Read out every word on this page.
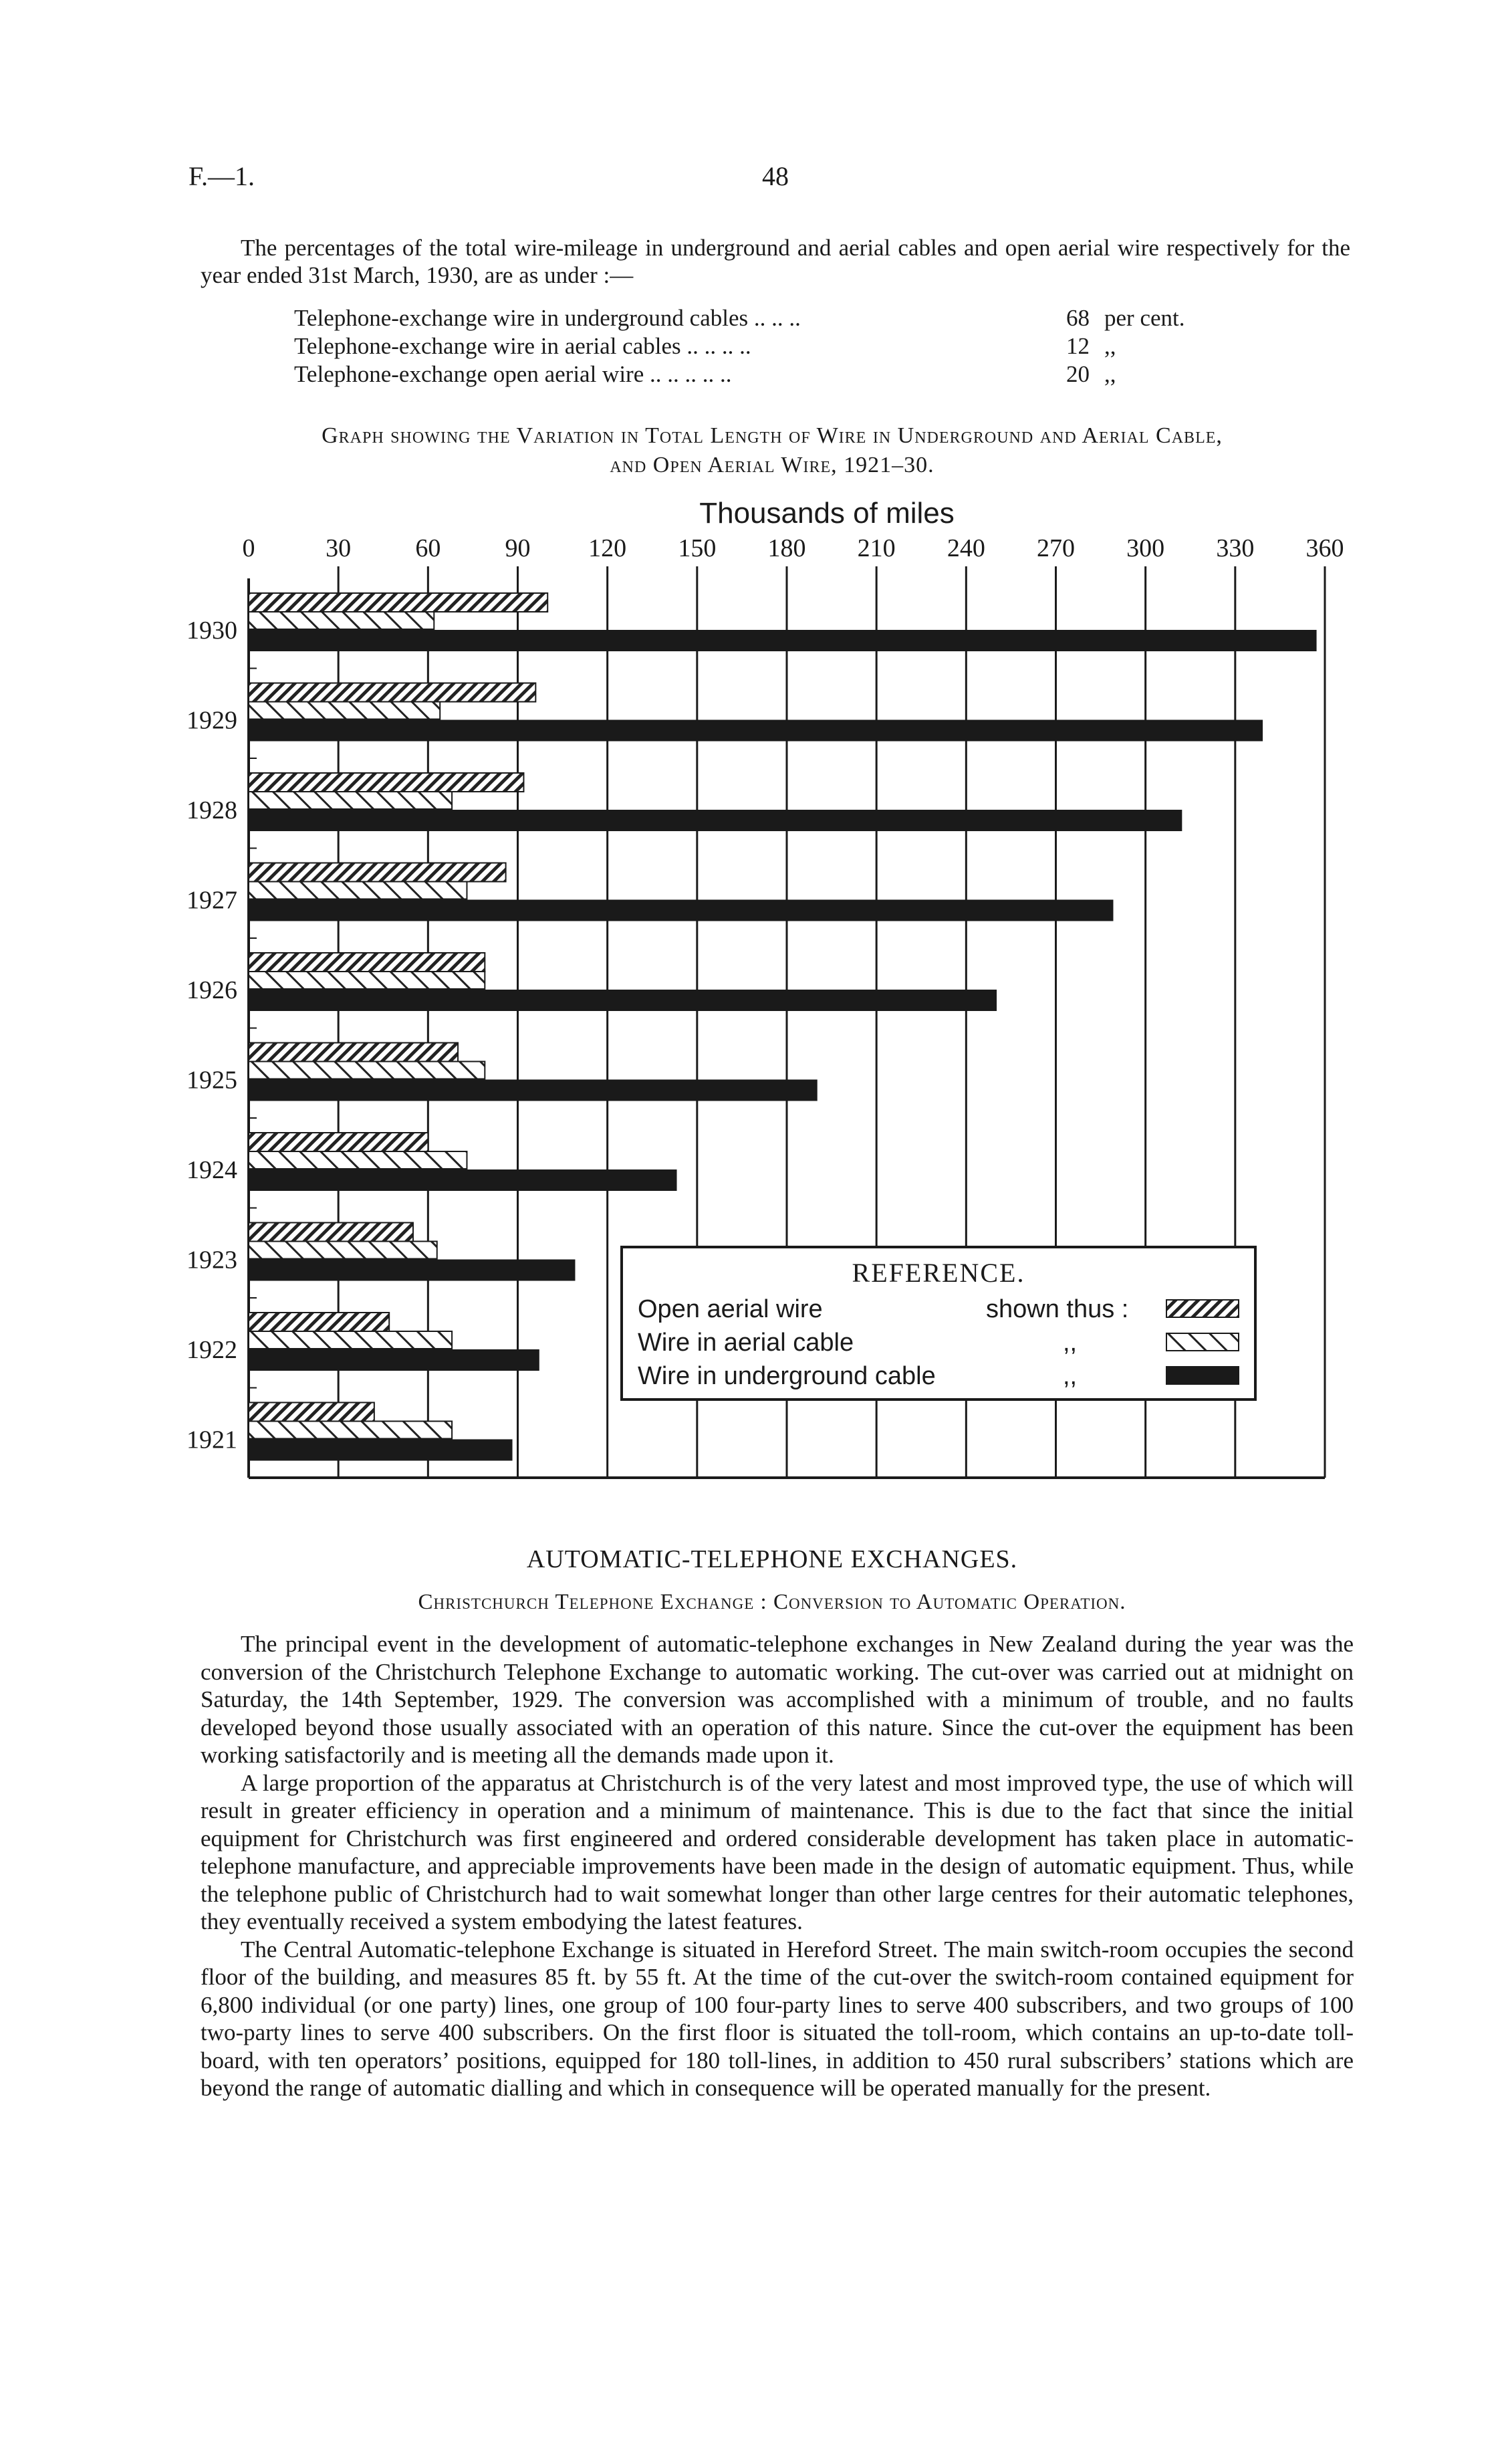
F.—1.	48

The percentages of the total wire-mileage in underground and aerial cables and open aerial wire respectively for the year ended 31st March, 1930, are as under :—

Telephone-exchange wire in underground cables .. .. ..	68 per cent.
Telephone-exchange wire in aerial cables .. .. .. ..	12 ,,
Telephone-exchange open aerial wire .. .. .. .. ..	20 ,,
Graph showing the Variation in Total Length of Wire in Underground and Aerial Cable,
and Open Aerial Wire, 1921–30.
Thousands of miles
0	30	60	90 120 150 180 210 240 270 300 330 360
1930
1929
1928
1927
1926
1925
1924
1923
1922
1921
REFERENCE.
Open aerial wire	shown thus :
Wire in aerial cable	,,
Wire in underground cable	,,
AUTOMATIC-TELEPHONE EXCHANGES.
Christchurch Telephone Exchange : Conversion to Automatic Operation.

The principal event in the development of automatic-telephone exchanges in New Zealand during the year was the conversion of the Christchurch Telephone Exchange to automatic working. The cut-over was carried out at midnight on Saturday, the 14th September, 1929. The conversion was accomplished with a minimum of trouble, and no faults developed beyond those usually associated with an operation of this nature. Since the cut-over the equipment has been working satisfactorily and is meeting all the demands made upon it.

A large proportion of the apparatus at Christchurch is of the very latest and most improved type, the use of which will result in greater efficiency in operation and a minimum of maintenance. This is due to the fact that since the initial equipment for Christchurch was first engineered and ordered considerable development has taken place in automatic-telephone manufacture, and appreciable improvements have been made in the design of automatic equipment. Thus, while the telephone public of Christchurch had to wait somewhat longer than other large centres for their automatic telephones, they eventually received a system embodying the latest features.

The Central Automatic-telephone Exchange is situated in Hereford Street. The main switch-room occupies the second floor of the building, and measures 85 ft. by 55 ft. At the time of the cut-over the switch-room contained equipment for 6,800 individual (or one party) lines, one group of 100 four-party lines to serve 400 subscribers, and two groups of 100 two-party lines to serve 400 subscribers. On the first floor is situated the toll-room, which contains an up-to-date toll-board, with ten operators’ positions, equipped for 180 toll-lines, in addition to 450 rural subscribers’ stations which are beyond the range of automatic dialling and which in consequence will be operated manually for the present.
